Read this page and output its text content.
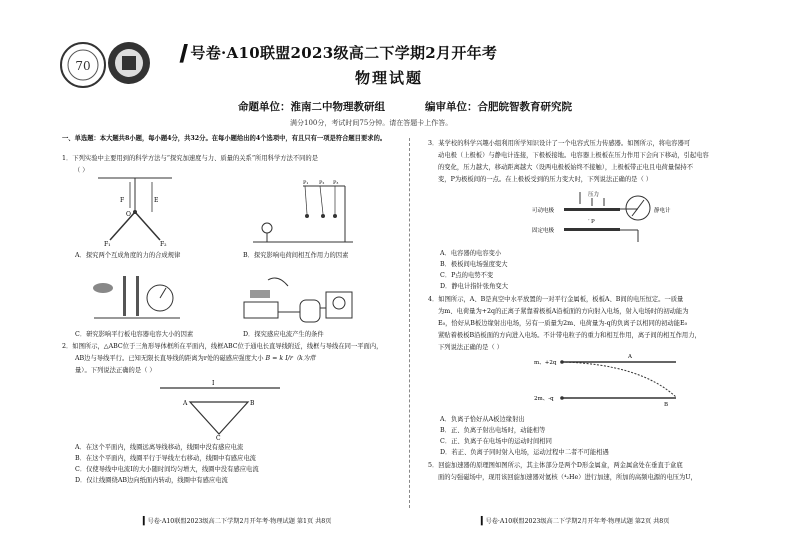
70
❙号卷·A10联盟2023级高二下学期2月开年考
物理试题
命题单位：淮南二中物理教研组	编审单位：合肥皖智教育研究院
满分100分，考试时间75分钟。请在答题卡上作答。
一、单选题：本大题共8小题，每小题4分，共32分。在每小题给出的4个选项中，有且只有一项是符合题目要求的。
1．下列实验中主要用到的科学方法与“探究加速度与力、质量的关系”所用科学方法不同的是
（ ）
O
F	E
F₁	F₂
P₁ P₂ P₃
A．探究两个互成角度的力的合成规律	B．探究影响电荷间相互作用力的因素
C．研究影响平行板电容器电容大小的因素	D．探究感应电流产生的条件
2．如图所示，△ABC位于三角形导体框所在平面内，线框ABC位于通电长直导线附近，线框与导线在同一平面内，
AB边与导线平行。已知无限长直导线的距离为r处的磁感应强度大小 B = k I/r（k为常
量）。下列说法正确的是（ ）
I
A	B
C
A．在这个平面内，线圈远离导线移动，线圈中没有感应电流
B．在这个平面内，线圈平行于导线左右移动，线圈中有感应电流
C．仅使导线中电流I的大小随时间均匀增大，线圈中没有感应电流
D．仅让线圈绕AB边向纸面内转动，线圈中有感应电流
❙号卷·A10联盟2023级高二下学期2月开年考·物理试题 第1页 共8页
3．某学校的科学兴趣小组利用所学知识设计了一个电容式压力传感器。如图所示，将电容器可
动电极（上极板）与静电计连接，下极板接地。电容器上极板在压力作用下会向下移动，引起电容
的变化，压力越大，移动距离越大（设两电极板始终不接触），上极板带正电且电荷量保持不
变，P为极板间的一点。在上极板受到的压力变大时，下列说法正确的是（ ）
可动电极
固定电极
压力
· P
静电计
A．电容器的电容变小
B．极板间电场强度变大
C．P点的电势不变
D．静电计指针张角变大
4．如图所示，A、B是真空中水平放置的一对平行金属板，板板A、B间的电压恒定。一质量
为m、电荷量为+2q的正离子紧靠着极板A沿板面的方向射入电场，射入电场时的初动能为
E₀，恰好从B板边缘射出电场，另有一质量为2m、电荷量为-q的负离子以相同的初动能E₀
紧贴着极板B沿板面的方向进入电场。不计带电粒子的重力和相互作用，离子间的相互作用力，
下列说法正确的是（ ）
m、+2q
2m、-q
A
B
A．负离子恰好从A板边缘射出
B．正、负离子射出电场时，动能相等
C．正、负离子在电场中的运动时间相同
D．若正、负离子同时射入电场，运动过程中二者不可能相遇
5．回旋加速器的原理图如图所示，其主体部分是两个D形金属盒，两金属盒处在垂直于盒底
面的匀强磁场中，现用该回旋加速器对氦核（⁴₂He）进行加速，所加的高频电源的电压为U，
❙号卷·A10联盟2023级高二下学期2月开年考·物理试题 第2页 共8页
